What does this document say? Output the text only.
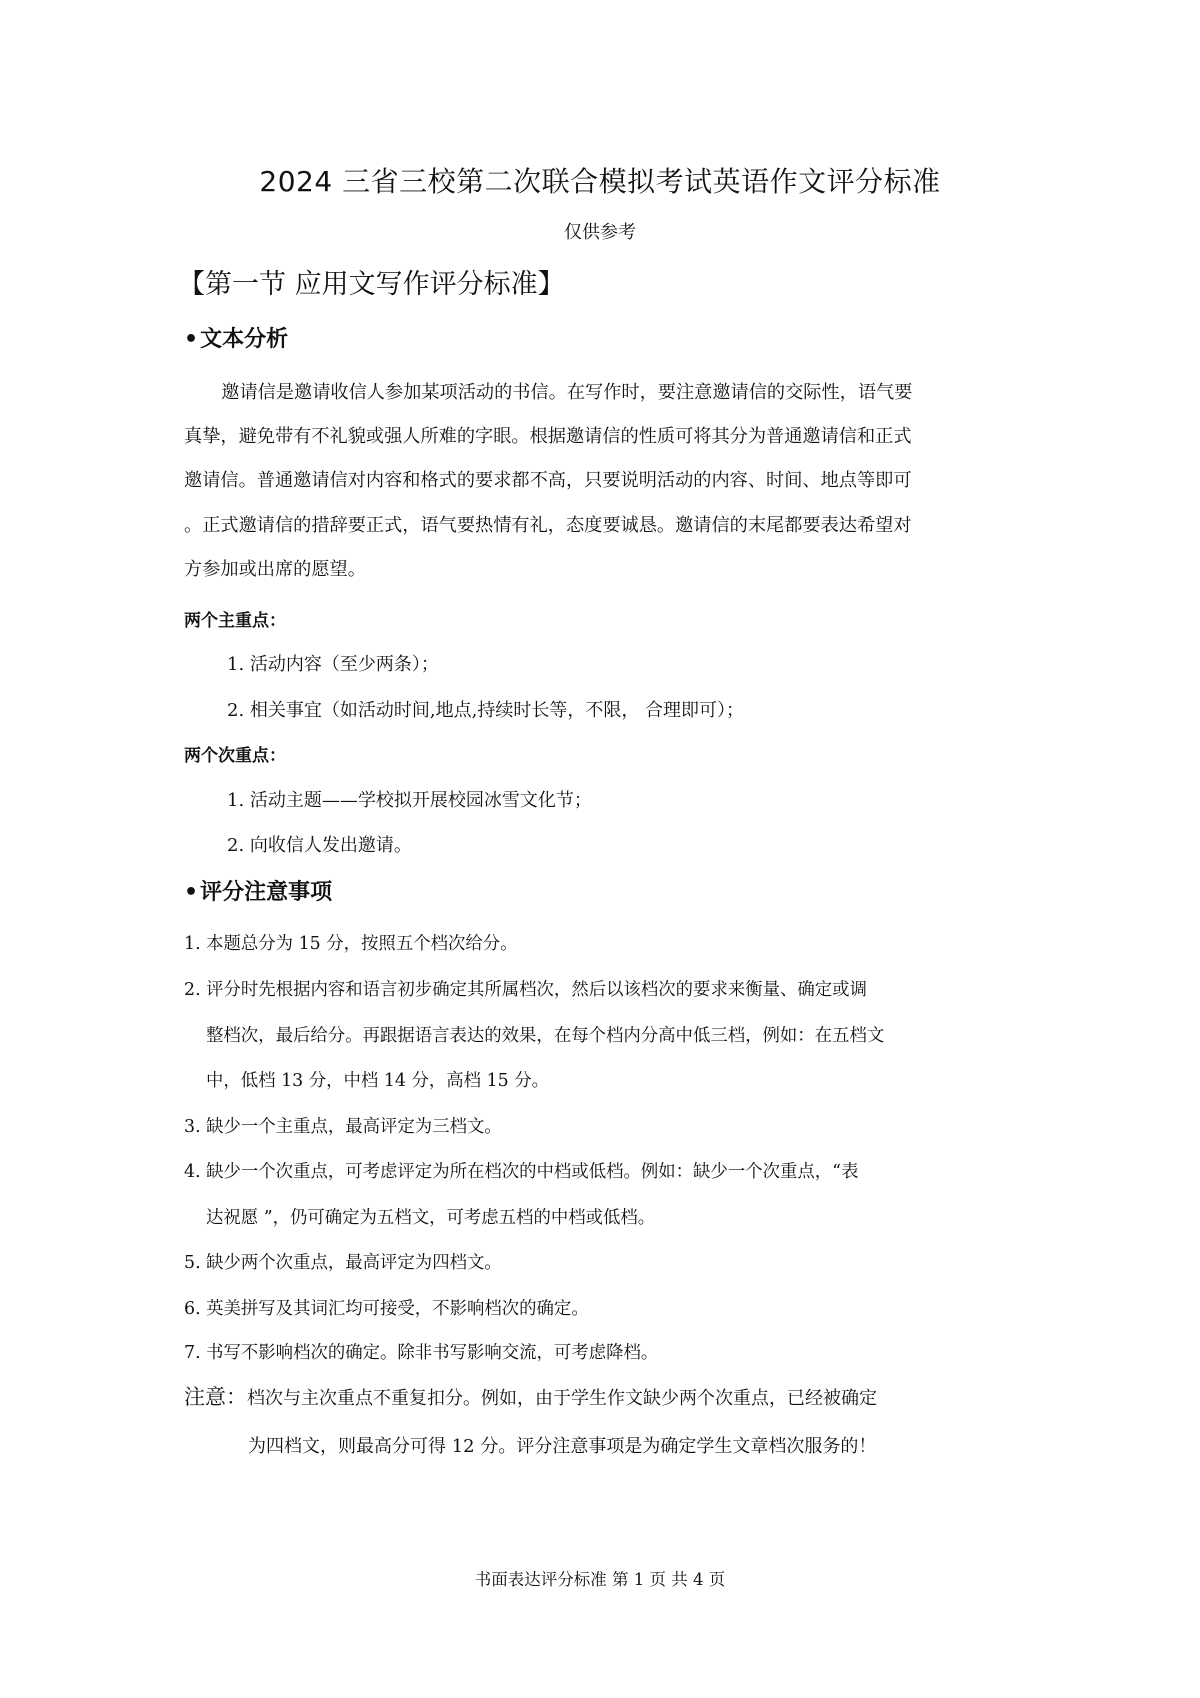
2024 三省三校第二次联合模拟考试英语作文评分标准
仅供参考
【第一节 应用文写作评分标准】
•文本分析
邀请信是邀请收信人参加某项活动的书信。在写作时，要注意邀请信的交际性，语气要
真挚，避免带有不礼貌或强人所难的字眼。根据邀请信的性质可将其分为普通邀请信和正式
邀请信。普通邀请信对内容和格式的要求都不高，只要说明活动的内容、时间、地点等即可
。正式邀请信的措辞要正式，语气要热情有礼，态度要诚恳。邀请信的末尾都要表达希望对
方参加或出席的愿望。
两个主重点：
1. 活动内容（至少两条）；
2. 相关事宜（如活动时间,地点,持续时长等，不限， 合理即可）；
两个次重点：
1. 活动主题——学校拟开展校园冰雪文化节；
2. 向收信人发出邀请。
•评分注意事项
1. 本题总分为 15 分，按照五个档次给分。
2. 评分时先根据内容和语言初步确定其所属档次，然后以该档次的要求来衡量、确定或调
整档次，最后给分。再跟据语言表达的效果，在每个档内分高中低三档，例如：在五档文
中，低档 13 分，中档 14 分，高档 15 分。
3. 缺少一个主重点，最高评定为三档文。
4. 缺少一个次重点，可考虑评定为所在档次的中档或低档。例如：缺少一个次重点，“表
达祝愿 ”，仍可确定为五档文，可考虑五档的中档或低档。
5. 缺少两个次重点，最高评定为四档文。
6. 英美拼写及其词汇均可接受，不影响档次的确定。
7. 书写不影响档次的确定。除非书写影响交流，可考虑降档。
注意：档次与主次重点不重复扣分。例如，由于学生作文缺少两个次重点，已经被确定
为四档文，则最高分可得 12 分。评分注意事项是为确定学生文章档次服务的！
书面表达评分标准 第 1 页 共 4 页
